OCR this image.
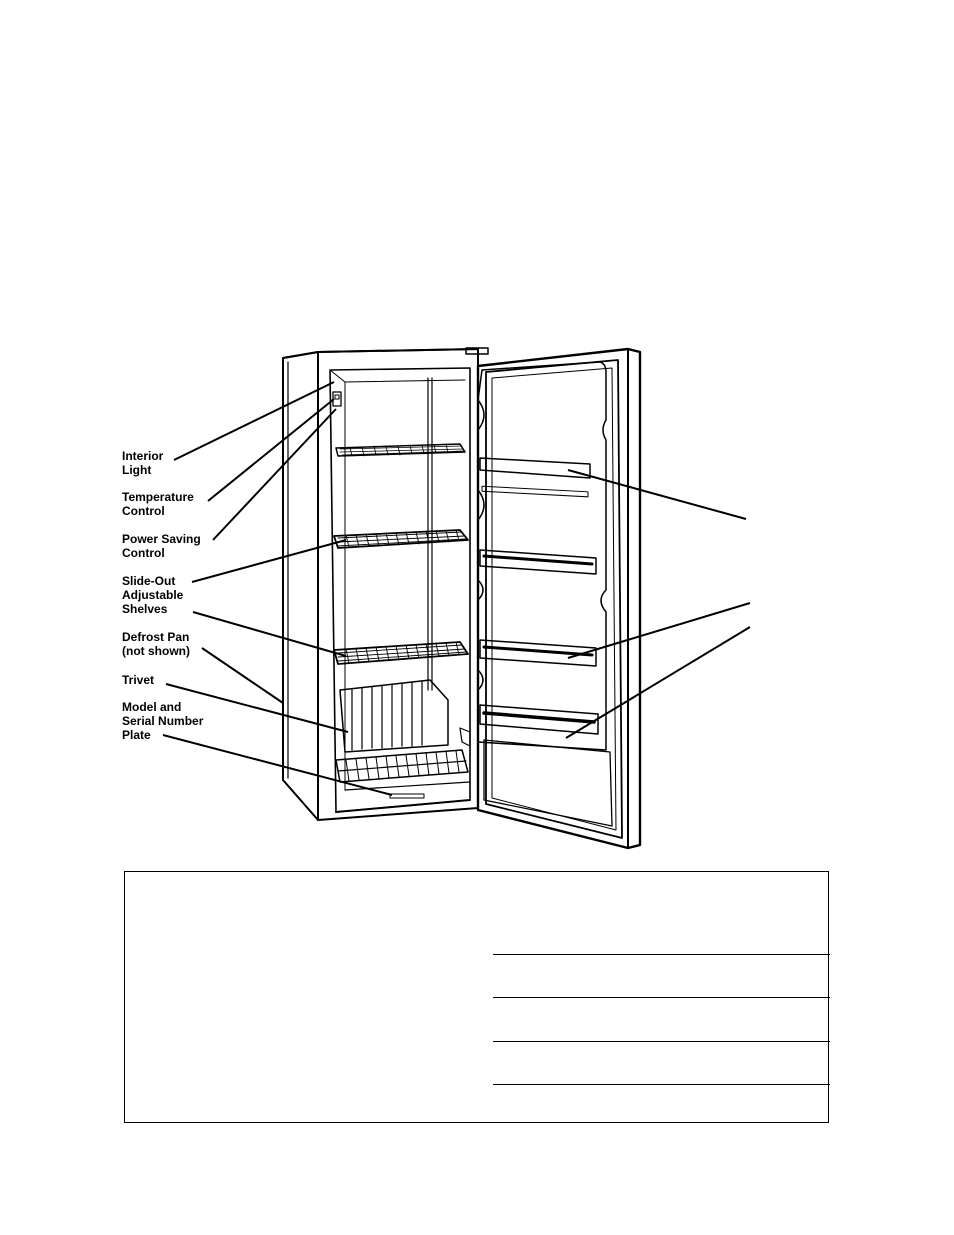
Interior Light
Temperature Control
Power Saving Control
Slide-Out Adjustable Shelves
Defrost Pan (not shown)
Trivet
Model and Serial Number Plate
